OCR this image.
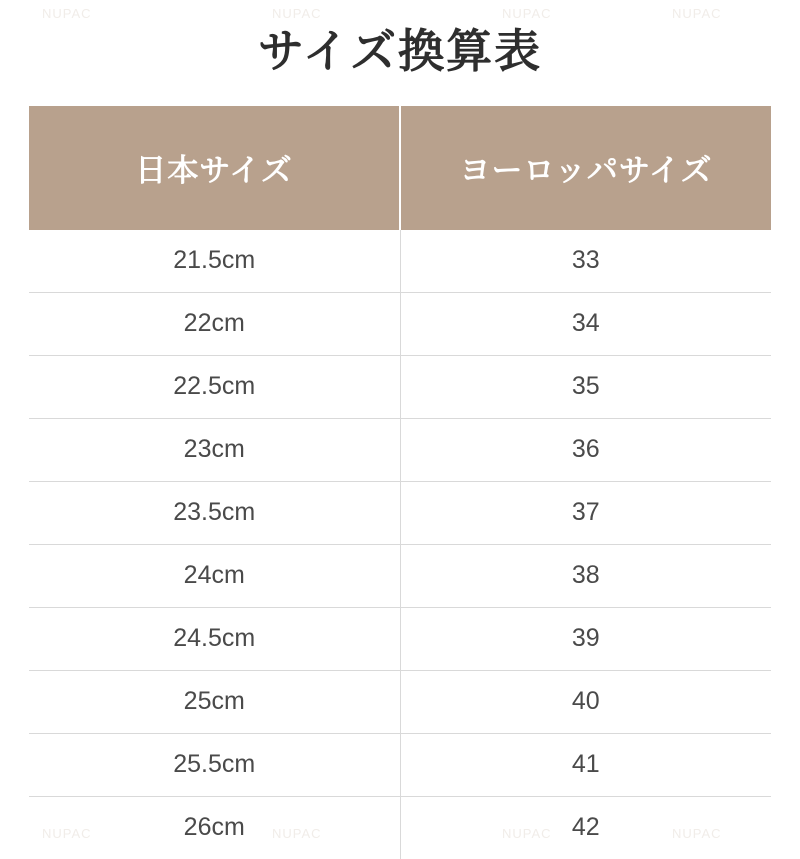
NUPAC	NUPAC	NUPAC	NUPAC
NUPAC	NUPAC	NUPAC	NUPAC
サイズ換算表
日本サイズ	ヨーロッパサイズ
21.5cm	33
22cm	34
22.5cm	35
23cm	36
23.5cm	37
24cm	38
24.5cm	39
25cm	40
25.5cm	41
26cm	42
